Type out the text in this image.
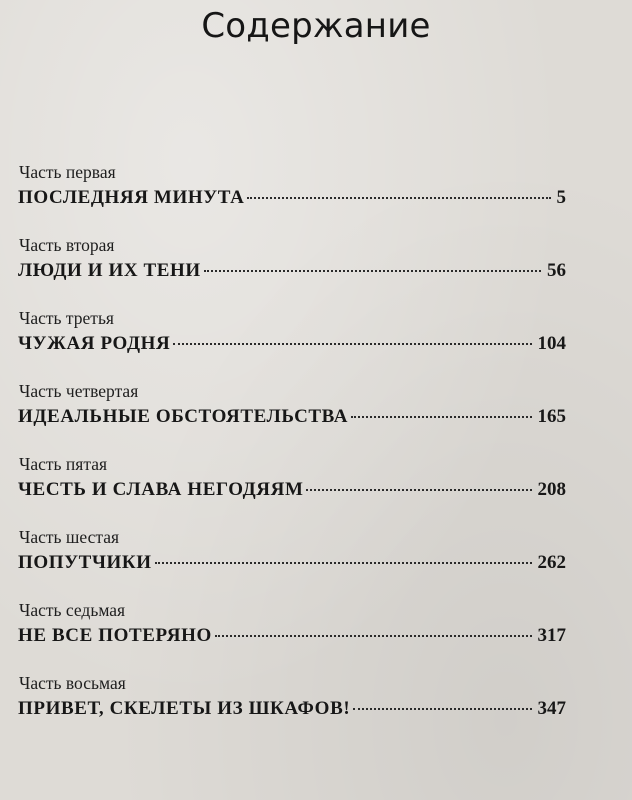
Содержание
Часть первая
ПОСЛЕДНЯЯ МИНУТА	5
Часть вторая
ЛЮДИ И ИХ ТЕНИ	56
Часть третья
ЧУЖАЯ РОДНЯ	104
Часть четвертая
ИДЕАЛЬНЫЕ ОБСТОЯТЕЛЬСТВА	165
Часть пятая
ЧЕСТЬ И СЛАВА НЕГОДЯЯМ	208
Часть шестая
ПОПУТЧИКИ	262
Часть седьмая
НЕ ВСЕ ПОТЕРЯНО	317
Часть восьмая
ПРИВЕТ, СКЕЛЕТЫ ИЗ ШКАФОВ!	347
